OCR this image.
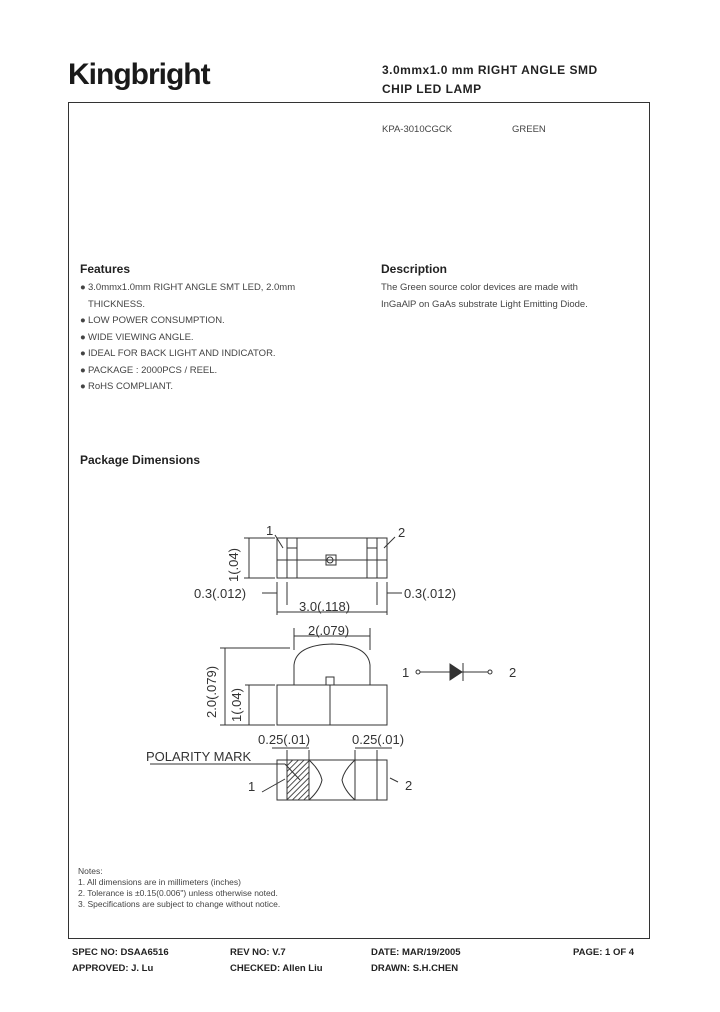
Kingbright	3.0mmx1.0 mm RIGHT ANGLE SMD
CHIP LED LAMP
KPA-3010CGCK	GREEN
Features
● 3.0mmx1.0mm RIGHT ANGLE SMT LED, 2.0mm
THICKNESS.
● LOW POWER CONSUMPTION.
● WIDE VIEWING ANGLE.
● IDEAL FOR BACK LIGHT AND INDICATOR.
● PACKAGE : 2000PCS / REEL.
● RoHS COMPLIANT.
Description
The Green source color devices are made with
InGaAlP on GaAs substrate Light Emitting Diode.
Package Dimensions
1	2
1(.04)
0.3(.012)	0.3(.012)
3.0(.118)
2(.079)
2.0(.079) 1(.04)
0.25(.01)	0.25(.01)
POLARITY MARK
1	2
1	2
Notes:
1. All dimensions are in millimeters (inches)
2. Tolerance is ±0.15(0.006") unless otherwise noted.
3. Specifications are subject to change without notice.
SPEC NO: DSAA6516	REV NO: V.7	DATE: MAR/19/2005	PAGE: 1 OF 4
APPROVED: J. Lu	CHECKED: Allen Liu	DRAWN: S.H.CHEN
